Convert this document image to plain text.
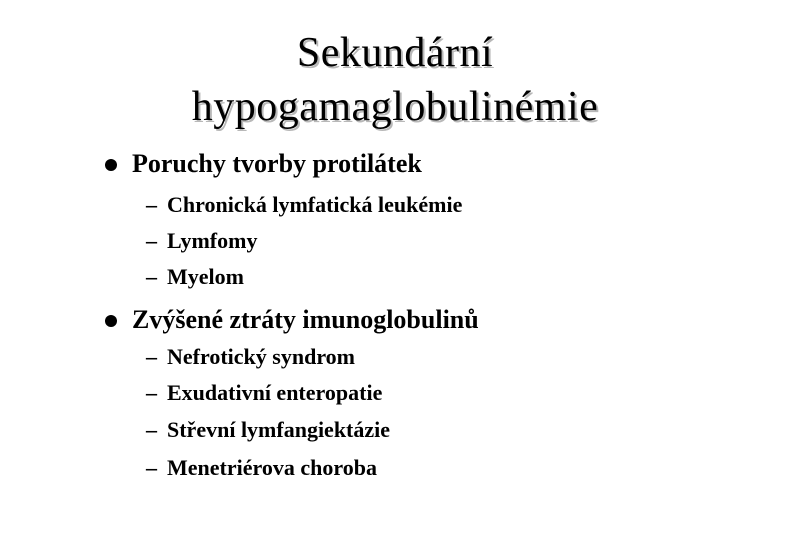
Sekundární
hypogamaglobulinémie
Poruchy tvorby protilátek
– Chronická lymfatická leukémie
– Lymfomy
– Myelom
Zvýšené ztráty imunoglobulinů
– Nefrotický syndrom
– Exudativní enteropatie
– Střevní lymfangiektázie
– Menetriérova choroba
